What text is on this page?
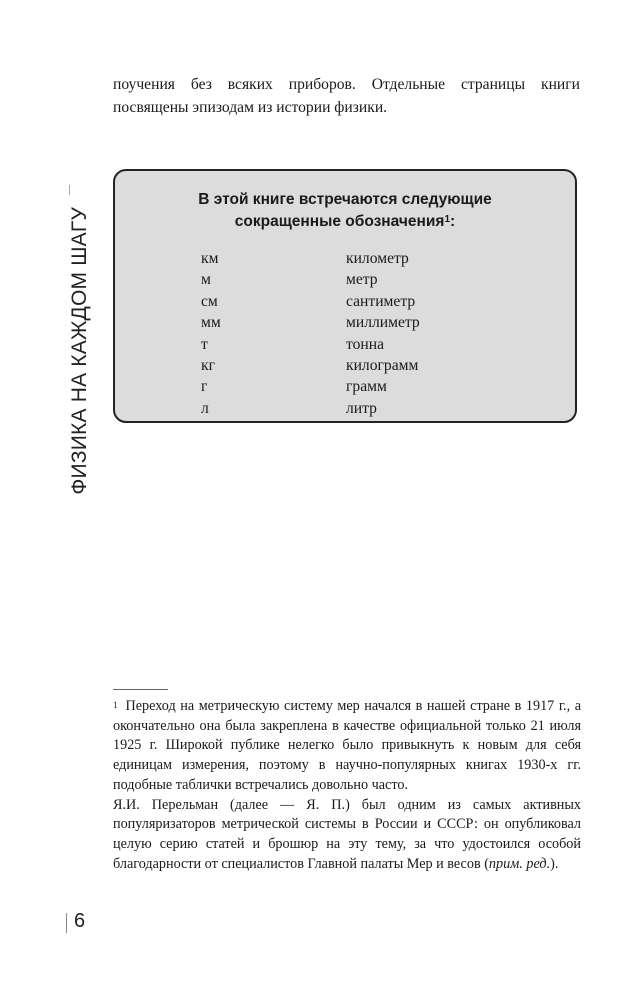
поучения без всяких приборов. Отдельные страницы книги посвящены эпизодам из истории физики.

ФИЗИКА НА КАЖДОМ ШАГУ

В этой книге встречаются следующие
сокращенные обозначения$^1$:

км	километр
м	метр
см	сантиметр
мм	миллиметр
т	тонна
кг	килограмм
г	грамм
л	литр

$^1$ Переход на метрическую систему мер начался в нашей стране в 1917 г., а окончательно она была закреплена в качестве официальной только 21 июля 1925 г. Широкой публике нелегко было привыкнуть к новым для себя единицам измерения, поэтому в научно-популярных книгах 1930-х гг. подобные таблички встречались довольно часто.

Я.И. Перельман (далее — Я. П.) был одним из самых активных популяризаторов метрической системы в России и СССР: он опубликовал целую серию статей и брошюр на эту тему, за что удостоился особой благодарности от специалистов Главной палаты Мер и весов (прим. ред.).

6
